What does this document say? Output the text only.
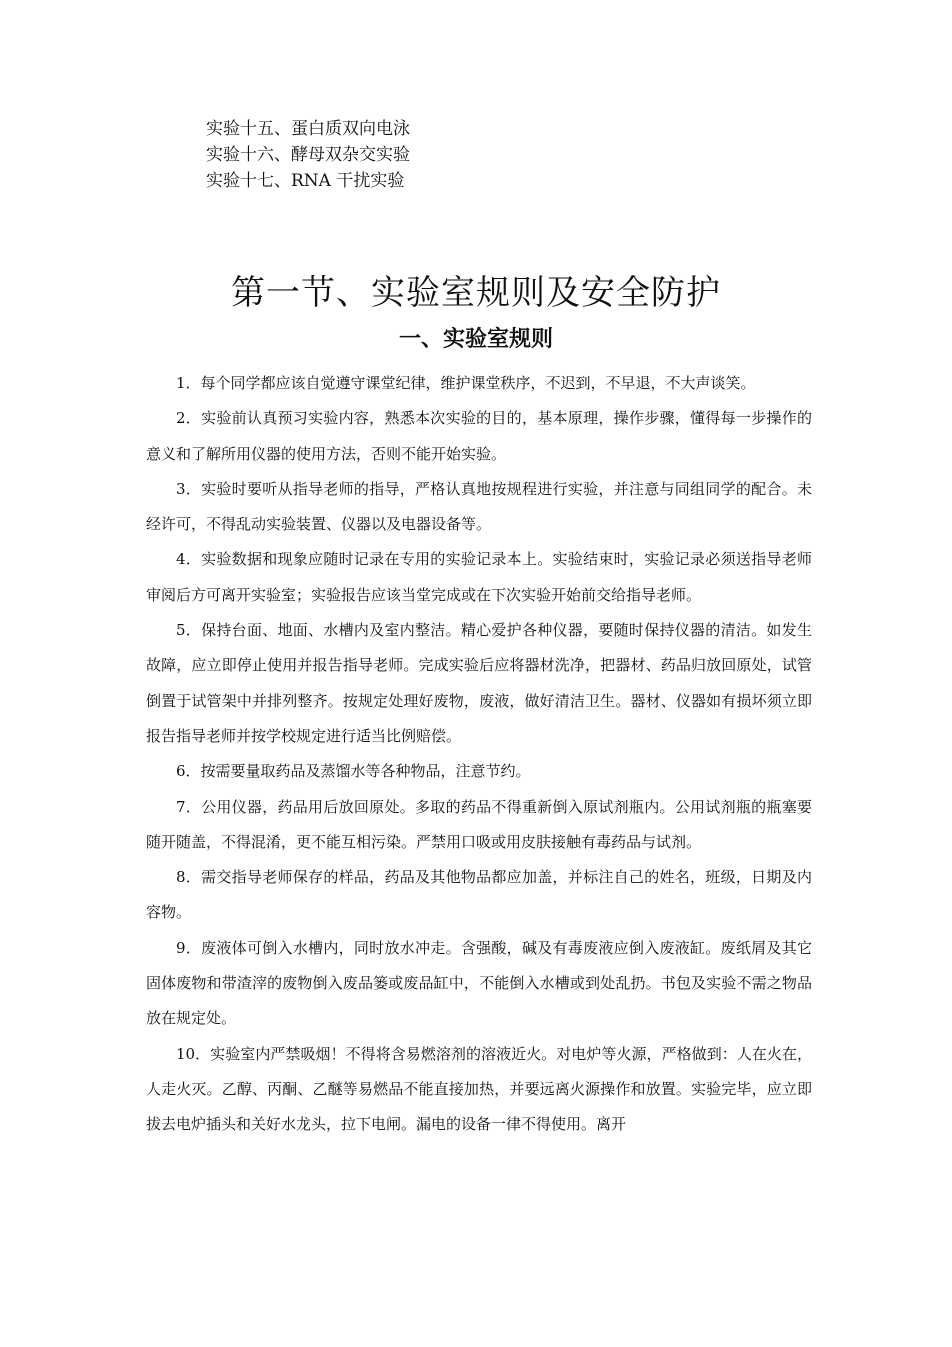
实验十五、蛋白质双向电泳
实验十六、酵母双杂交实验
实验十七、RNA 干扰实验
第一节、实验室规则及安全防护
一、实验室规则

1．每个同学都应该自觉遵守课堂纪律，维护课堂秩序，不迟到，不早退，不大声谈笑。

2．实验前认真预习实验内容，熟悉本次实验的目的，基本原理，操作步骤，懂得每一步操作的意义和了解所用仪器的使用方法，否则不能开始实验。

3．实验时要听从指导老师的指导，严格认真地按规程进行实验，并注意与同组同学的配合。未经许可，不得乱动实验装置、仪器以及电器设备等。

4．实验数据和现象应随时记录在专用的实验记录本上。实验结束时，实验记录必须送指导老师审阅后方可离开实验室；实验报告应该当堂完成或在下次实验开始前交给指导老师。

5．保持台面、地面、水槽内及室内整洁。精心爱护各种仪器，要随时保持仪器的清洁。如发生故障，应立即停止使用并报告指导老师。完成实验后应将器材洗净，把器材、药品归放回原处，试管倒置于试管架中并排列整齐。按规定处理好废物，废液，做好清洁卫生。器材、仪器如有损坏须立即报告指导老师并按学校规定进行适当比例赔偿。

6．按需要量取药品及蒸馏水等各种物品，注意节约。

7．公用仪器，药品用后放回原处。多取的药品不得重新倒入原试剂瓶内。公用试剂瓶的瓶塞要随开随盖，不得混淆，更不能互相污染。严禁用口吸或用皮肤接触有毒药品与试剂。

8．需交指导老师保存的样品，药品及其他物品都应加盖，并标注自己的姓名，班级，日期及内容物。

9．废液体可倒入水槽内，同时放水冲走。含强酸，碱及有毒废液应倒入废液缸。废纸屑及其它固体废物和带渣滓的废物倒入废品篓或废品缸中，不能倒入水槽或到处乱扔。书包及实验不需之物品放在规定处。

10．实验室内严禁吸烟！不得将含易燃溶剂的溶液近火。对电炉等火源，严格做到：人在火在，人走火灭。乙醇、丙酮、乙醚等易燃品不能直接加热，并要远离火源操作和放置。实验完毕，应立即拔去电炉插头和关好水龙头，拉下电闸。漏电的设备一律不得使用。离开
